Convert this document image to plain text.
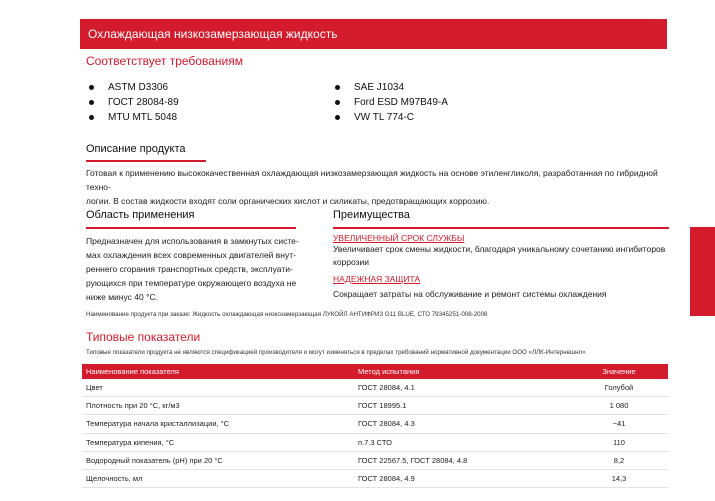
Охлаждающая низкозамерзающая жидкость
Соответствует требованиям
ASTM D3306
ГОСТ 28084-89
MTU MTL 5048
SAE J1034
Ford ESD M97B49-A
VW TL 774-C
Описание продукта
Готовая к применению высококачественная охлаждающая низкозамерзающая жидкость на основе этиленгликоля, разработанная по гибридной техно-
логии. В состав жидкости входят соли органических кислот и силикаты, предотвращающих коррозию.
Область применения
Предназначен для использования в замкнутых систе-
мах охлаждения всех современных двигателей внут-
реннего сгорания транспортных средств, эксплуати-
рующихся при температуре окружающего воздуха не
ниже минус 40 °С.
Преимущества
УВЕЛИЧЕННЫЙ СРОК СЛУЖБЫ
Увеличивает срок смены жидкости, благодаря уникальному сочетанию ингибиторов
коррозии
НАДЕЖНАЯ ЗАЩИТА
Сокращает затраты на обслуживание и ремонт системы охлаждения
Наименование продукта при заказе: Жидкость охлаждающая низкозамерзающая ЛУКОЙЛ АНТИФРИЗ G11 BLUE, СТО 79345251-008-2008
Типовые показатели
Типовые показатели продукта не являются спецификацией производителя и могут изменяться в пределах требований нормативной документации ООО «ЛЛК-Интернешнл»
Наименование показателя	Метод испытания	Значение
Цвет	ГОСТ 28084, 4.1	Голубой
Плотность при 20 °С, кг/м3	ГОСТ 18995.1	1 080
Температура начала кристаллизации, °С	ГОСТ 28084, 4.3	−41
Температура кипения, °С	п.7.3 СТО	110
Водородный показатель (pH) при 20 °С	ГОСТ 22567.5, ГОСТ 28084, 4.8	8,2
Щелочность, мл	ГОСТ 28084, 4.9	14,3
